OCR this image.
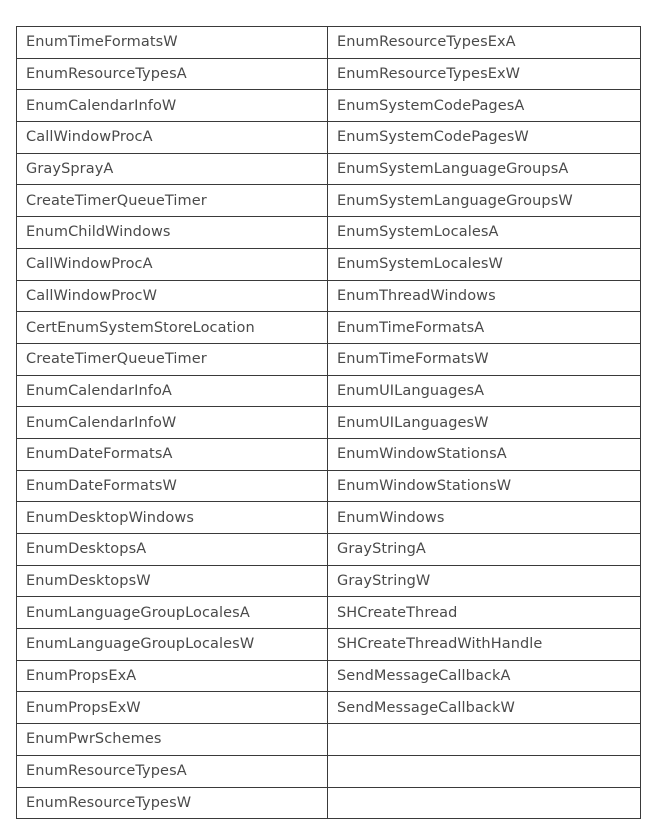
EnumTimeFormatsW	EnumResourceTypesExA
EnumResourceTypesA	EnumResourceTypesExW
EnumCalendarInfoW	EnumSystemCodePagesA
CallWindowProcA	EnumSystemCodePagesW
GraySprayA	EnumSystemLanguageGroupsA
CreateTimerQueueTimer	EnumSystemLanguageGroupsW
EnumChildWindows	EnumSystemLocalesA
CallWindowProcA	EnumSystemLocalesW
CallWindowProcW	EnumThreadWindows
CertEnumSystemStoreLocation	EnumTimeFormatsA
CreateTimerQueueTimer	EnumTimeFormatsW
EnumCalendarInfoA	EnumUILanguagesA
EnumCalendarInfoW	EnumUILanguagesW
EnumDateFormatsA	EnumWindowStationsA
EnumDateFormatsW	EnumWindowStationsW
EnumDesktopWindows	EnumWindows
EnumDesktopsA	GrayStringA
EnumDesktopsW	GrayStringW
EnumLanguageGroupLocalesA	SHCreateThread
EnumLanguageGroupLocalesW	SHCreateThreadWithHandle
EnumPropsExA	SendMessageCallbackA
EnumPropsExW	SendMessageCallbackW
EnumPwrSchemes	
EnumResourceTypesA	
EnumResourceTypesW	
